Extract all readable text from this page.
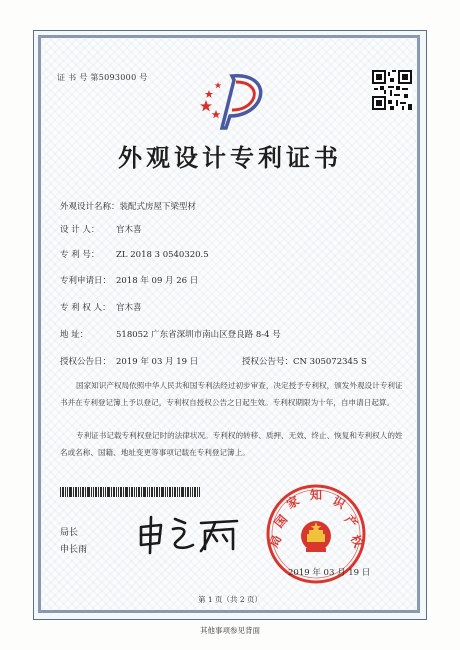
证 书 号 第5093000 号
外观设计专利证书
外观设计名称：装配式房屋下梁型材
设 计 人： 官木喜
专 利 号： ZL 2018 3 0540320.5
专利申请日： 2018 年 09 月 26 日
专 利 权 人： 官木喜
地 址：	518052 广东省深圳市南山区登良路 8-4 号
授权公告日： 2019 年 03 月 19 日	授权公告号：CN 305072345 S
国家知识产权局依照中华人民共和国专利法经过初步审查，决定授予专利权，颁发外观设计专利证书并在专利登记簿上予以登记，专利权自授权公告之日起生效。专利权期限为十年，自申请日起算。
专利证书记载专利权登记时的法律状况。专利权的转移、质押、无效、终止、恢复和专利权人的姓名或名称、国籍、地址变更等事项记载在专利登记簿上。
局长
申长雨
国
家 知 识
产
权
局
2019 年 03 月 19 日
第 1 页（共 2 页）
其他事项参见背面
